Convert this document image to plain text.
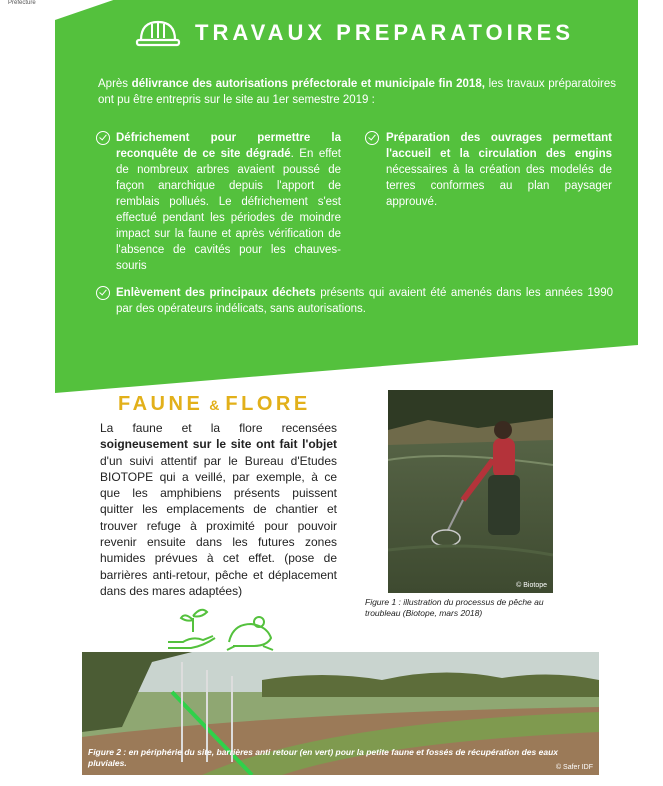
Préfecture
TRAVAUX PREPARATOIRES
Après délivrance des autorisations préfectorale et municipale fin 2018, les travaux préparatoires ont pu être entrepris sur le site au 1er semestre 2019 :
Défrichement pour permettre la reconquête de ce site dégradé. En effet de nombreux arbres avaient poussé de façon anarchique depuis l'apport de remblais pollués. Le défrichement s'est effectué pendant les périodes de moindre impact sur la faune et après vérification de l'absence de cavités pour les chauves-souris
Préparation des ouvrages permettant l'accueil et la circulation des engins nécessaires à la création des modelés de terres conformes au plan paysager approuvé.
Enlèvement des principaux déchets présents qui avaient été amenés dans les années 1990 par des opérateurs indélicats, sans autorisations.
FAUNE & FLORE
La faune et la flore recensées soigneusement sur le site ont fait l'objet d'un suivi attentif par le Bureau d'Etudes BIOTOPE qui a veillé, par exemple, à ce que les amphibiens présents puissent quitter les emplacements de chantier et trouver refuge à proximité pour pouvoir revenir ensuite dans les futures zones humides prévues à cet effet. (pose de barrières anti-retour, pêche et déplacement dans des mares adaptées)	© Biotope
Figure 1 : illustration du processus de pêche au troubleau (Biotope, mars 2018)
Figure 2 : en périphérie du site, barrières anti retour (en vert) pour la petite faune et fossés de récupération des eaux pluviales.	© Safer IDF
